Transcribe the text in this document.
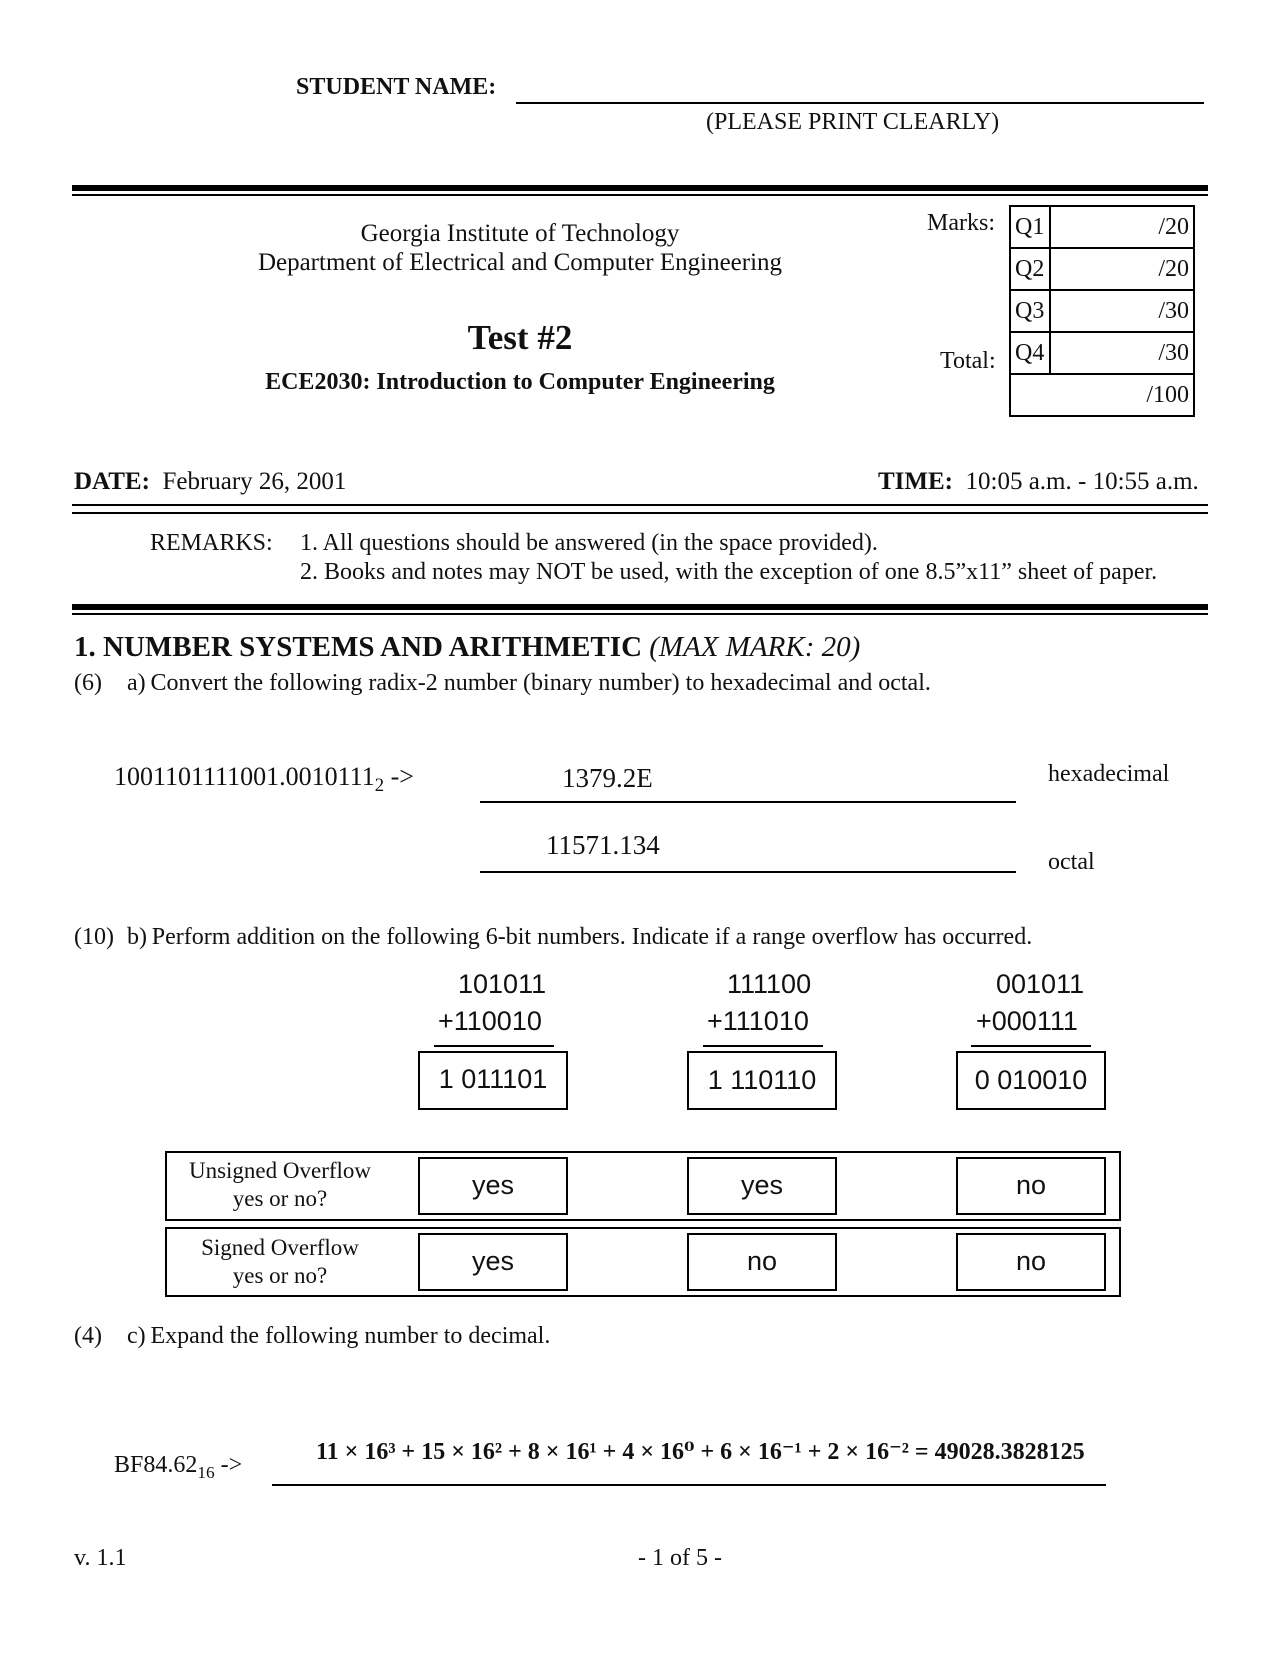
STUDENT NAME:
(PLEASE PRINT CLEARLY)
Georgia Institute of Technology
Department of Electrical and Computer Engineering
Test #2
ECE2030: Introduction to Computer Engineering
Marks:
Total:
Q1	/20
Q2	/20
Q3	/30
Q4	/30
/100	
DATE: February 26, 2001	TIME: 10:05 a.m. - 10:55 a.m.
REMARKS: 1. All questions should be answered (in the space provided).
2. Books and notes may NOT be used, with the exception of one 8.5”x11” sheet of paper.
1. NUMBER SYSTEMS AND ARITHMETIC (MAX MARK: 20)
(6) a) Convert the following radix-2 number (binary number) to hexadecimal and octal.
$1001101111001.0010111_2$ ->	1379.2E	hexadecimal
11571.134
octal
(10) b) Perform addition on the following 6-bit numbers. Indicate if a range overflow has occurred.
101011
+110010
1 011101
111100
+111010
1 110110
001011
+000111
0 010010
Unsigned Overflow
yes or no?	yes	yes	no
Signed Overflow
yes or no?	yes	no	no
(4) c) Expand the following number to decimal.
$BF84.62_{16}$ ->	11 × 16³ + 15 × 16² + 8 × 16¹ + 4 × 16⁰ + 6 × 16⁻¹ + 2 × 16⁻² = 49028.3828125
v. 1.1	- 1 of 5 -
